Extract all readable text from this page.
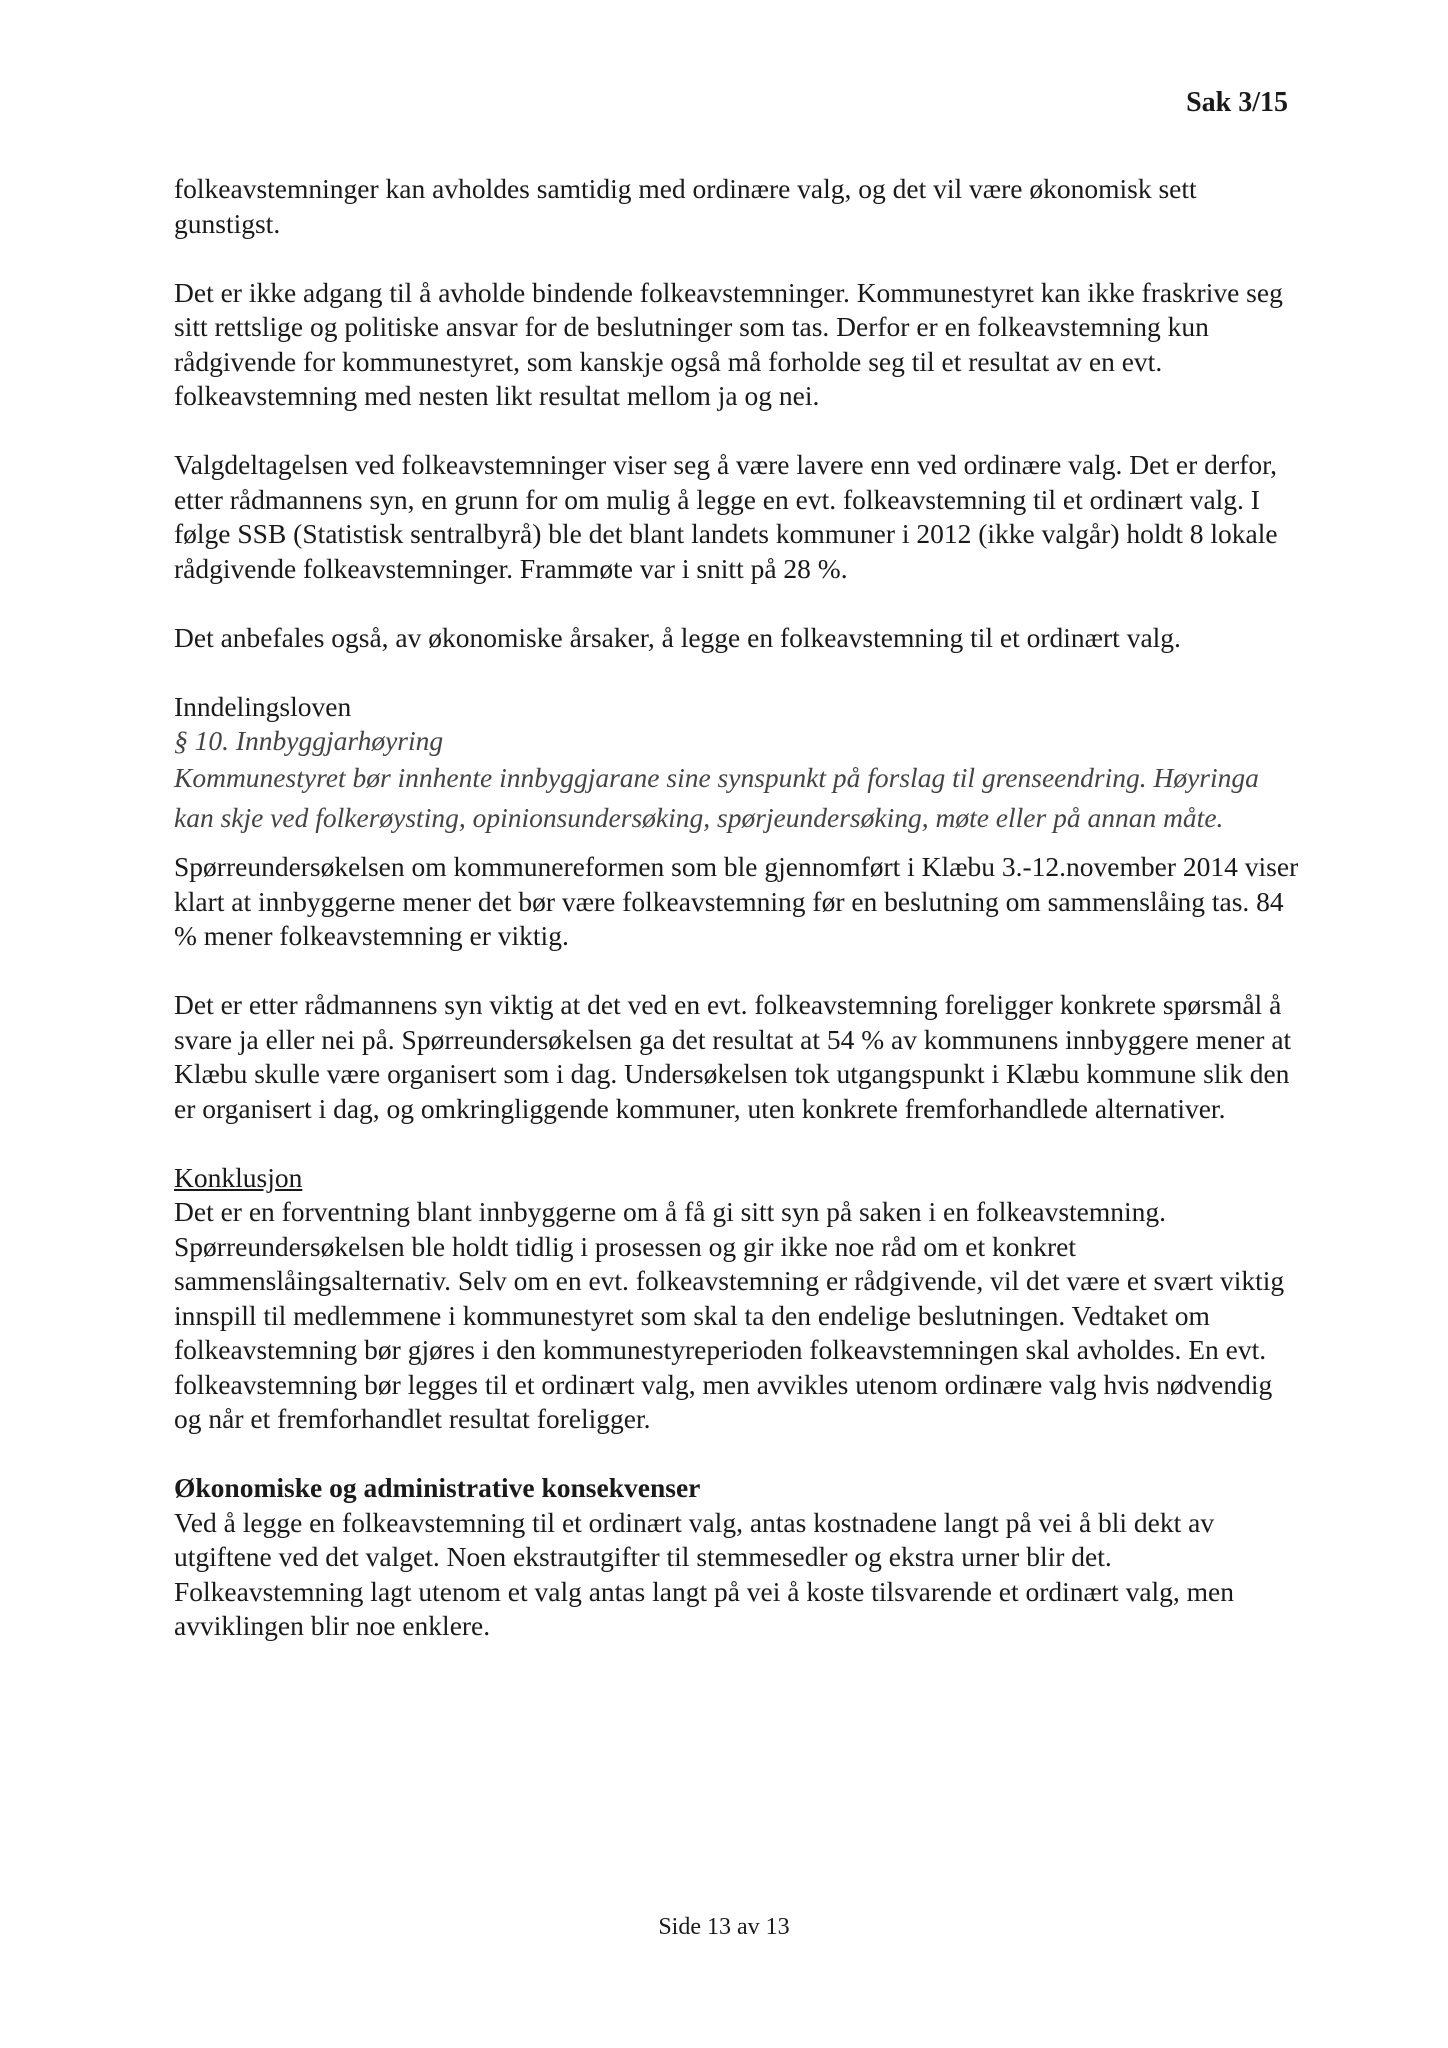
Sak 3/15

folkeavstemninger kan avholdes samtidig med ordinære valg, og det vil være økonomisk sett gunstigst.

Det er ikke adgang til å avholde bindende folkeavstemninger. Kommunestyret kan ikke fraskrive seg sitt rettslige og politiske ansvar for de beslutninger som tas. Derfor er en folkeavstemning kun rådgivende for kommunestyret, som kanskje også må forholde seg til et resultat av en evt. folkeavstemning med nesten likt resultat mellom ja og nei.

Valgdeltagelsen ved folkeavstemninger viser seg å være lavere enn ved ordinære valg. Det er derfor, etter rådmannens syn, en grunn for om mulig å legge en evt. folkeavstemning til et ordinært valg. I følge SSB (Statistisk sentralbyrå) ble det blant landets kommuner i 2012 (ikke valgår) holdt 8 lokale rådgivende folkeavstemninger. Frammøte var i snitt på 28 %.

Det anbefales også, av økonomiske årsaker, å legge en folkeavstemning til et ordinært valg.

Inndelingsloven

§ 10. Innbyggjarhøyring

Kommunestyret bør innhente innbyggjarane sine synspunkt på forslag til grenseendring. Høyringa kan skje ved folkerøysting, opinionsundersøking, spørjeundersøking, møte eller på annan måte.

Spørreundersøkelsen om kommunereformen som ble gjennomført i Klæbu 3.-12.november 2014 viser klart at innbyggerne mener det bør være folkeavstemning før en beslutning om sammenslåing tas. 84 % mener folkeavstemning er viktig.

Det er etter rådmannens syn viktig at det ved en evt. folkeavstemning foreligger konkrete spørsmål å svare ja eller nei på. Spørreundersøkelsen ga det resultat at 54 % av kommunens innbyggere mener at Klæbu skulle være organisert som i dag. Undersøkelsen tok utgangspunkt i Klæbu kommune slik den er organisert i dag, og omkringliggende kommuner, uten konkrete fremforhandlede alternativer.

Konklusjon

Det er en forventning blant innbyggerne om å få gi sitt syn på saken i en folkeavstemning. Spørreundersøkelsen ble holdt tidlig i prosessen og gir ikke noe råd om et konkret sammenslåingsalternativ. Selv om en evt. folkeavstemning er rådgivende, vil det være et svært viktig innspill til medlemmene i kommunestyret som skal ta den endelige beslutningen. Vedtaket om folkeavstemning bør gjøres i den kommunestyreperioden folkeavstemningen skal avholdes. En evt. folkeavstemning bør legges til et ordinært valg, men avvikles utenom ordinære valg hvis nødvendig og når et fremforhandlet resultat foreligger.

Økonomiske og administrative konsekvenser

Ved å legge en folkeavstemning til et ordinært valg, antas kostnadene langt på vei å bli dekt av utgiftene ved det valget. Noen ekstrautgifter til stemmesedler og ekstra urner blir det. Folkeavstemning lagt utenom et valg antas langt på vei å koste tilsvarende et ordinært valg, men avviklingen blir noe enklere.

Side 13 av 13
